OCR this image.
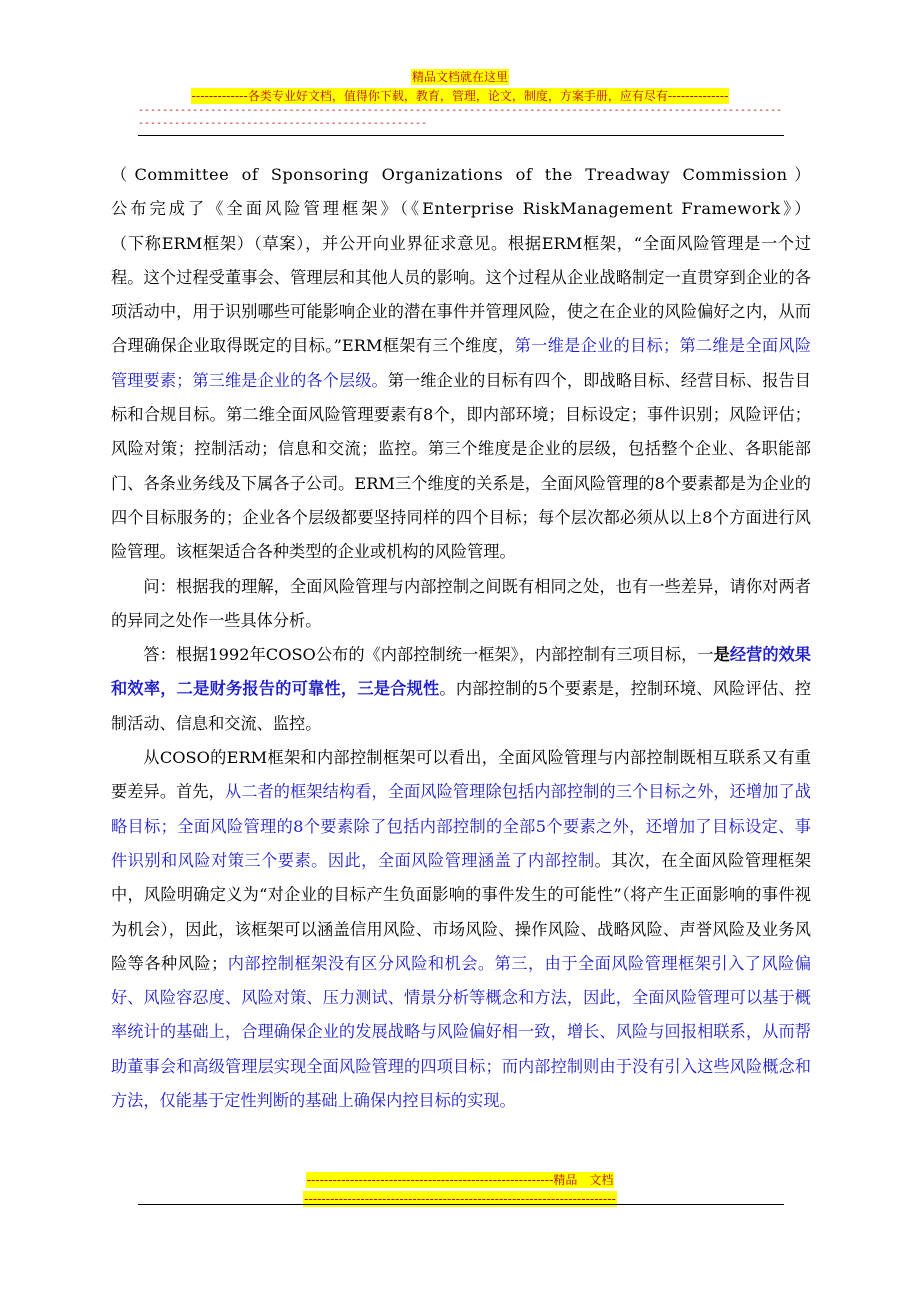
精品文档就在这里
-------------各类专业好文档，值得你下载，教育，管理，论文，制度，方案手册，应有尽有--------------
-----------------------------------------------------------------------------------------------------------------------------------------------------------

（Committee of Sponsoring Organizations of the Treadway Commission）
公布完成了《全面风险管理框架》（《Enterprise RiskManagement Framework》）
（下称ERM框架）（草案），并公开向业界征求意见。根据ERM框架，“全面风险管理是一个过程。这个过程受董事会、管理层和其他人员的影响。这个过程从企业战略制定一直贯穿到企业的各项活动中，用于识别哪些可能影响企业的潜在事件并管理风险，使之在企业的风险偏好之内，从而合理确保企业取得既定的目标。”ERM框架有三个维度，第一维是企业的目标；第二维是全面风险管理要素；第三维是企业的各个层级。第一维企业的目标有四个，即战略目标、经营目标、报告目标和合规目标。第二维全面风险管理要素有8个，即内部环境；目标设定；事件识别；风险评估；风险对策；控制活动；信息和交流；监控。第三个维度是企业的层级，包括整个企业、各职能部门、各条业务线及下属各子公司。ERM三个维度的关系是，全面风险管理的8个要素都是为企业的四个目标服务的；企业各个层级都要坚持同样的四个目标；每个层次都必须从以上8个方面进行风险管理。该框架适合各种类型的企业或机构的风险管理。

问：根据我的理解，全面风险管理与内部控制之间既有相同之处，也有一些差异，请你对两者的异同之处作一些具体分析。

答：根据1992年COSO公布的《内部控制统一框架》，内部控制有三项目标，一是经营的效果和效率，二是财务报告的可靠性，三是合规性。内部控制的5个要素是，控制环境、风险评估、控制活动、信息和交流、监控。

从COSO的ERM框架和内部控制框架可以看出，全面风险管理与内部控制既相互联系又有重要差异。首先，从二者的框架结构看，全面风险管理除包括内部控制的三个目标之外，还增加了战略目标；全面风险管理的8个要素除了包括内部控制的全部5个要素之外，还增加了目标设定、事件识别和风险对策三个要素。因此，全面风险管理涵盖了内部控制。其次，在全面风险管理框架中，风险明确定义为“对企业的目标产生负面影响的事件发生的可能性”（将产生正面影响的事件视为机会），因此，该框架可以涵盖信用风险、市场风险、操作风险、战略风险、声誉风险及业务风险等各种风险；内部控制框架没有区分风险和机会。第三，由于全面风险管理框架引入了风险偏好、风险容忍度、风险对策、压力测试、情景分析等概念和方法，因此，全面风险管理可以基于概率统计的基础上，合理确保企业的发展战略与风险偏好相一致，增长、风险与回报相联系，从而帮助董事会和高级管理层实现全面风险管理的四项目标；而内部控制则由于没有引入这些风险概念和方法，仅能基于定性判断的基础上确保内控目标的实现。

---------------------------------------------------------精品　文档
------------------------------------------------------------------------
